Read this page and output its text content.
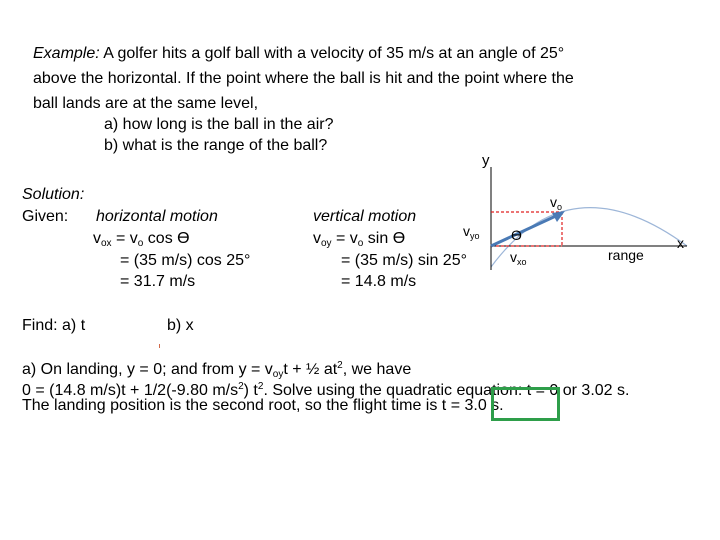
Example: A golfer hits a golf ball with a velocity of 35 m/s at an angle of 25°
above the horizontal. If the point where the ball is hit and the point where the
ball lands are at the same level,
a) how long is the ball in the air?
b) what is the range of the ball?
Solution:
Given: horizontal motion
$v_{ox} = v_o$ cos ϴ
= (35 m/s) cos 25°
= 31.7 m/s
vertical motion
$v_{oy} = v_o$ sin ϴ
= (35 m/s) sin 25°
= 14.8 m/s
y
x
$v_o$
$v_{yo}$
$v_{xo}$
ϴ
range
Find: a) t	b) x
a) On landing, y = 0; and from $y = v_{oy}t$ + ½ $at^2$, we have
0 = (14.8 m/s)t + 1/2(-9.80 $m/s^2$) $t^2$. Solve using the quadratic equation: t = 0 or 3.02 s.
The landing position is the second root, so the flight time is t = 3.0 s.
